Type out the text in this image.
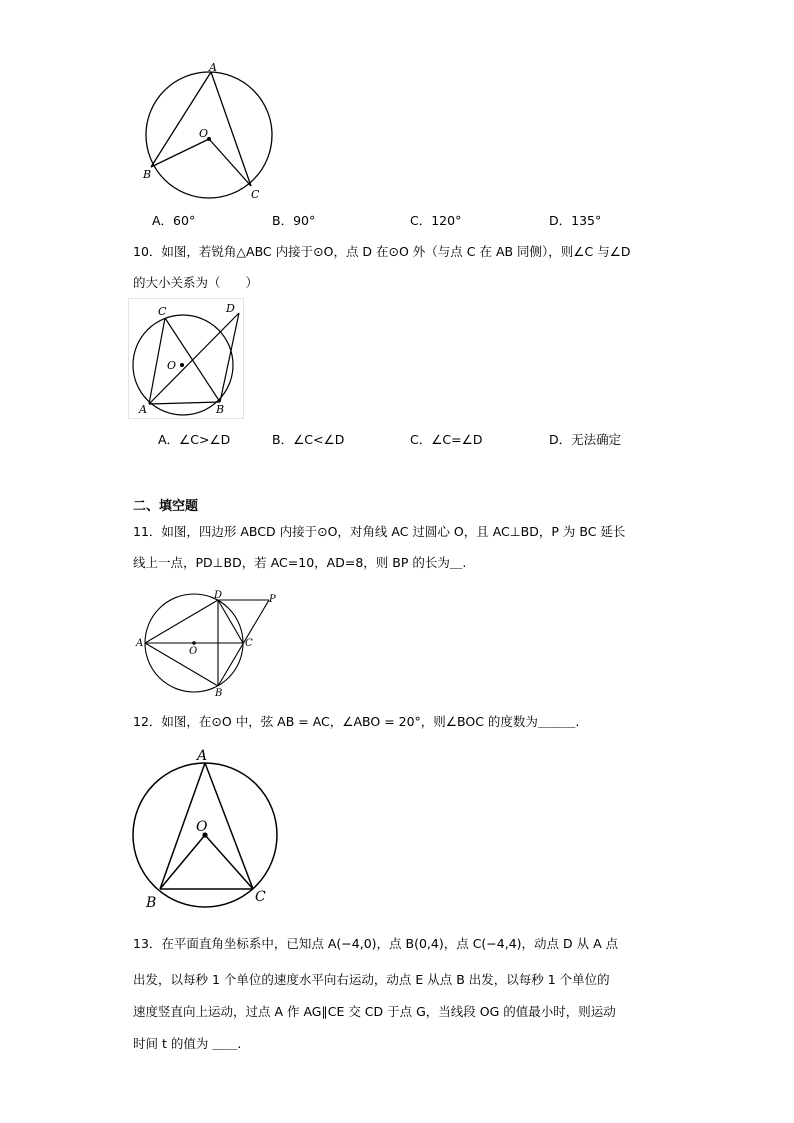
A
O
B
C
A．60°	B．90°	C．120°	D．135°
10．如图，若锐角△ABC 内接于⊙O，点 D 在⊙O 外（与点 C 在 AB 同侧），则∠C 与∠D
的大小关系为（　　）
C	D
O
A	B
A．∠C>∠D	B．∠C<∠D	C．∠C=∠D	D．无法确定
二、填空题
11．如图，四边形 ABCD 内接于⊙O，对角线 AC 过圆心 O，且 AC⊥BD，P 为 BC 延长
线上一点，PD⊥BD，若 AC=10，AD=8，则 BP 的长为＿.
D	P
A
O
C
B
12．如图，在⊙O 中，弦 AB = AC，∠ABO = 20°，则∠BOC 的度数为＿＿＿.
A
O
B	C
13．在平面直角坐标系中，已知点 A(−4,0)，点 B(0,4)，点 C(−4,4)，动点 D 从 A 点
出发，以每秒 1 个单位的速度水平向右运动，动点 E 从点 B 出发，以每秒 1 个单位的
速度竖直向上运动，过点 A 作 AG∥CE 交 CD 于点 G，当线段 OG 的值最小时，则运动
时间 t 的值为 ＿＿.
